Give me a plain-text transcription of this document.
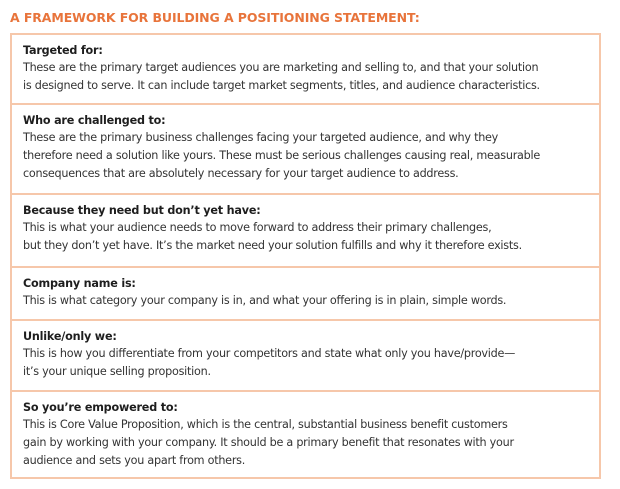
A FRAMEWORK FOR BUILDING A POSITIONING STATEMENT:
Targeted for:
These are the primary target audiences you are marketing and selling to, and that your solution
is designed to serve. It can include target market segments, titles, and audience characteristics.
Who are challenged to:
These are the primary business challenges facing your targeted audience, and why they
therefore need a solution like yours. These must be serious challenges causing real, measurable
consequences that are absolutely necessary for your target audience to address.
Because they need but don’t yet have:
This is what your audience needs to move forward to address their primary challenges,
but they don’t yet have. It’s the market need your solution fulfills and why it therefore exists.
Company name is:
This is what category your company is in, and what your offering is in plain, simple words.
Unlike/only we:
This is how you differentiate from your competitors and state what only you have/provide—
it’s your unique selling proposition.
So you’re empowered to:
This is Core Value Proposition, which is the central, substantial business benefit customers
gain by working with your company. It should be a primary benefit that resonates with your
audience and sets you apart from others.
